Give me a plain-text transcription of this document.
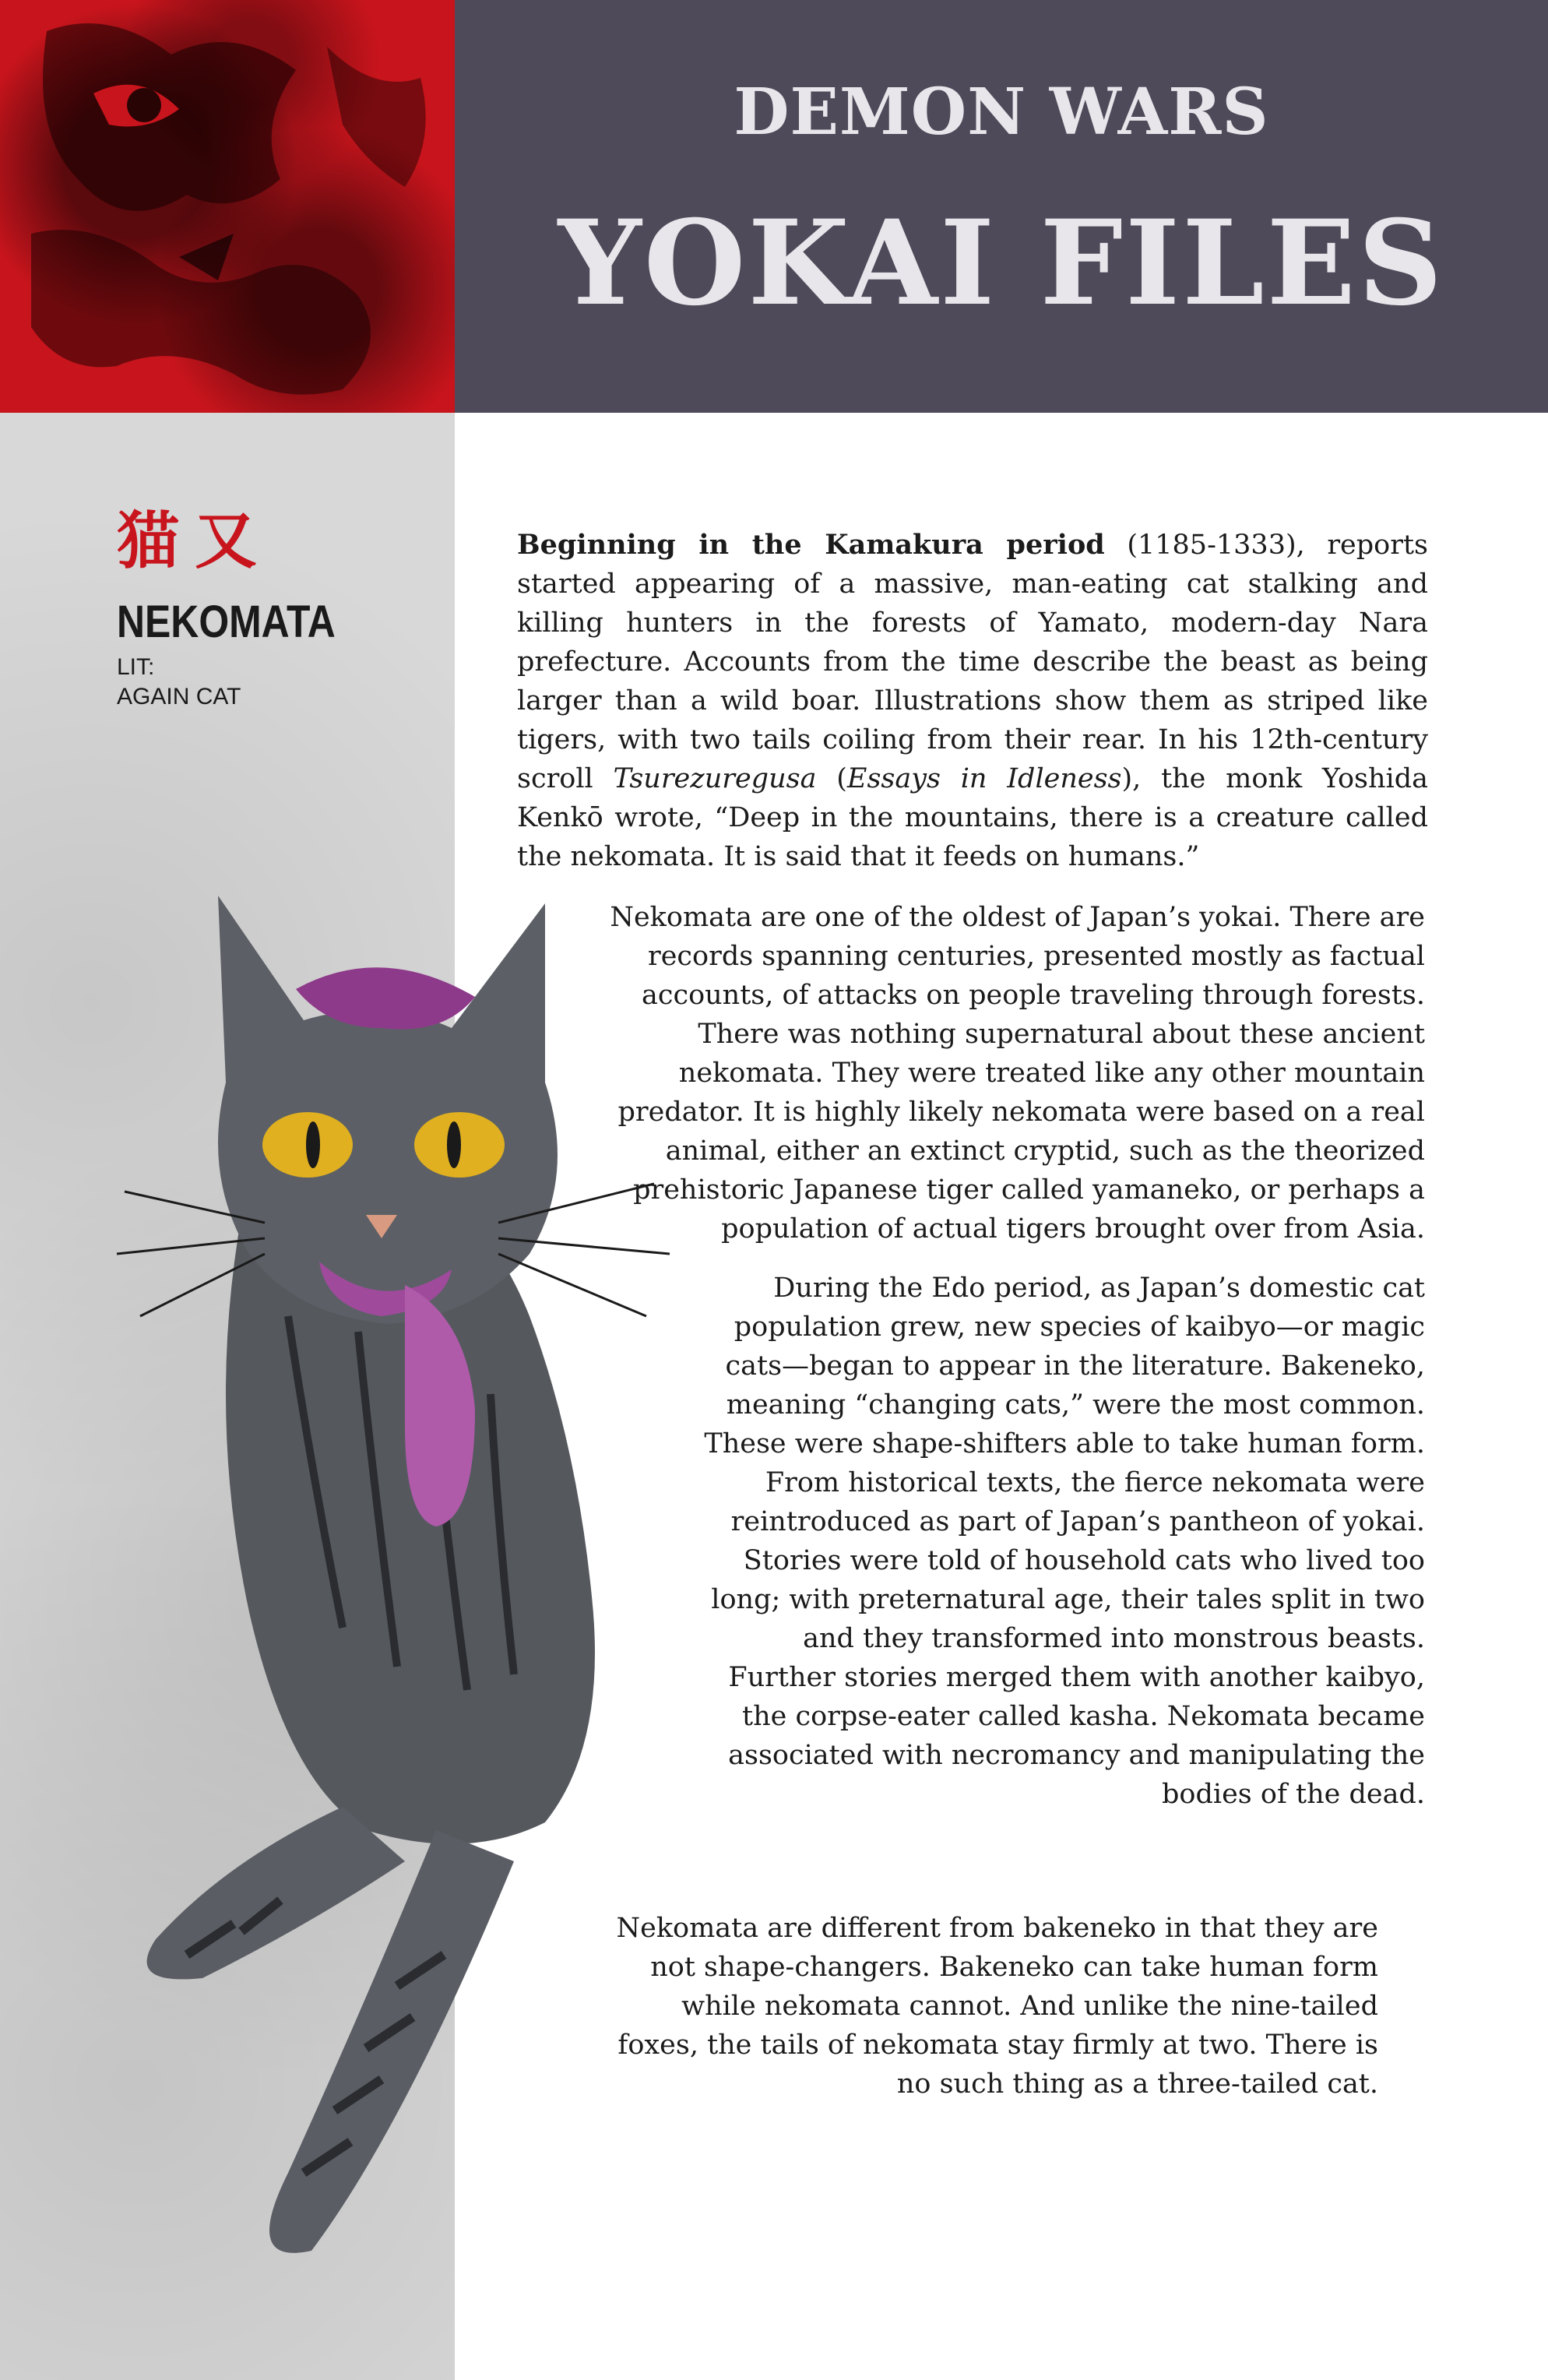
DEMON WARS
YOKAI FILES
猫又
NEKOMATA
LIT:
AGAIN CAT

Beginning in the Kamakura period (1185-1333), reports started appearing of a massive, man-eating cat stalking and killing hunters in the forests of Yamato, modern-day Nara prefecture. Accounts from the time describe the beast as being larger than a wild boar. Illustrations show them as striped like tigers, with two tails coiling from their rear. In his 12th-century scroll Tsurezuregusa (Essays in Idleness), the monk Yoshida Kenkō wrote, “Deep in the mountains, there is a creature called the nekomata. It is said that it feeds on humans.”

Nekomata are one of the oldest of Japan’s yokai. There are records spanning centuries, presented mostly as factual accounts, of attacks on people traveling through forests. There was nothing supernatural about these ancient nekomata. They were treated like any other mountain predator. It is highly likely nekomata were based on a real animal, either an extinct cryptid, such as the theorized prehistoric Japanese tiger called yamaneko, or perhaps a population of actual tigers brought over from Asia.

During the Edo period, as Japan’s domestic cat population grew, new species of kaibyo—or magic cats—began to appear in the literature. Bakeneko, meaning “changing cats,” were the most common. These were shape-shifters able to take human form. From historical texts, the fierce nekomata were reintroduced as part of Japan’s pantheon of yokai. Stories were told of household cats who lived too long; with preternatural age, their tales split in two and they transformed into monstrous beasts. Further stories merged them with another kaibyo, the corpse-eater called kasha. Nekomata became associated with necromancy and manipulating the bodies of the dead.

Nekomata are different from bakeneko in that they are not shape-changers. Bakeneko can take human form while nekomata cannot. And unlike the nine-tailed foxes, the tails of nekomata stay firmly at two. There is no such thing as a three-tailed cat.
